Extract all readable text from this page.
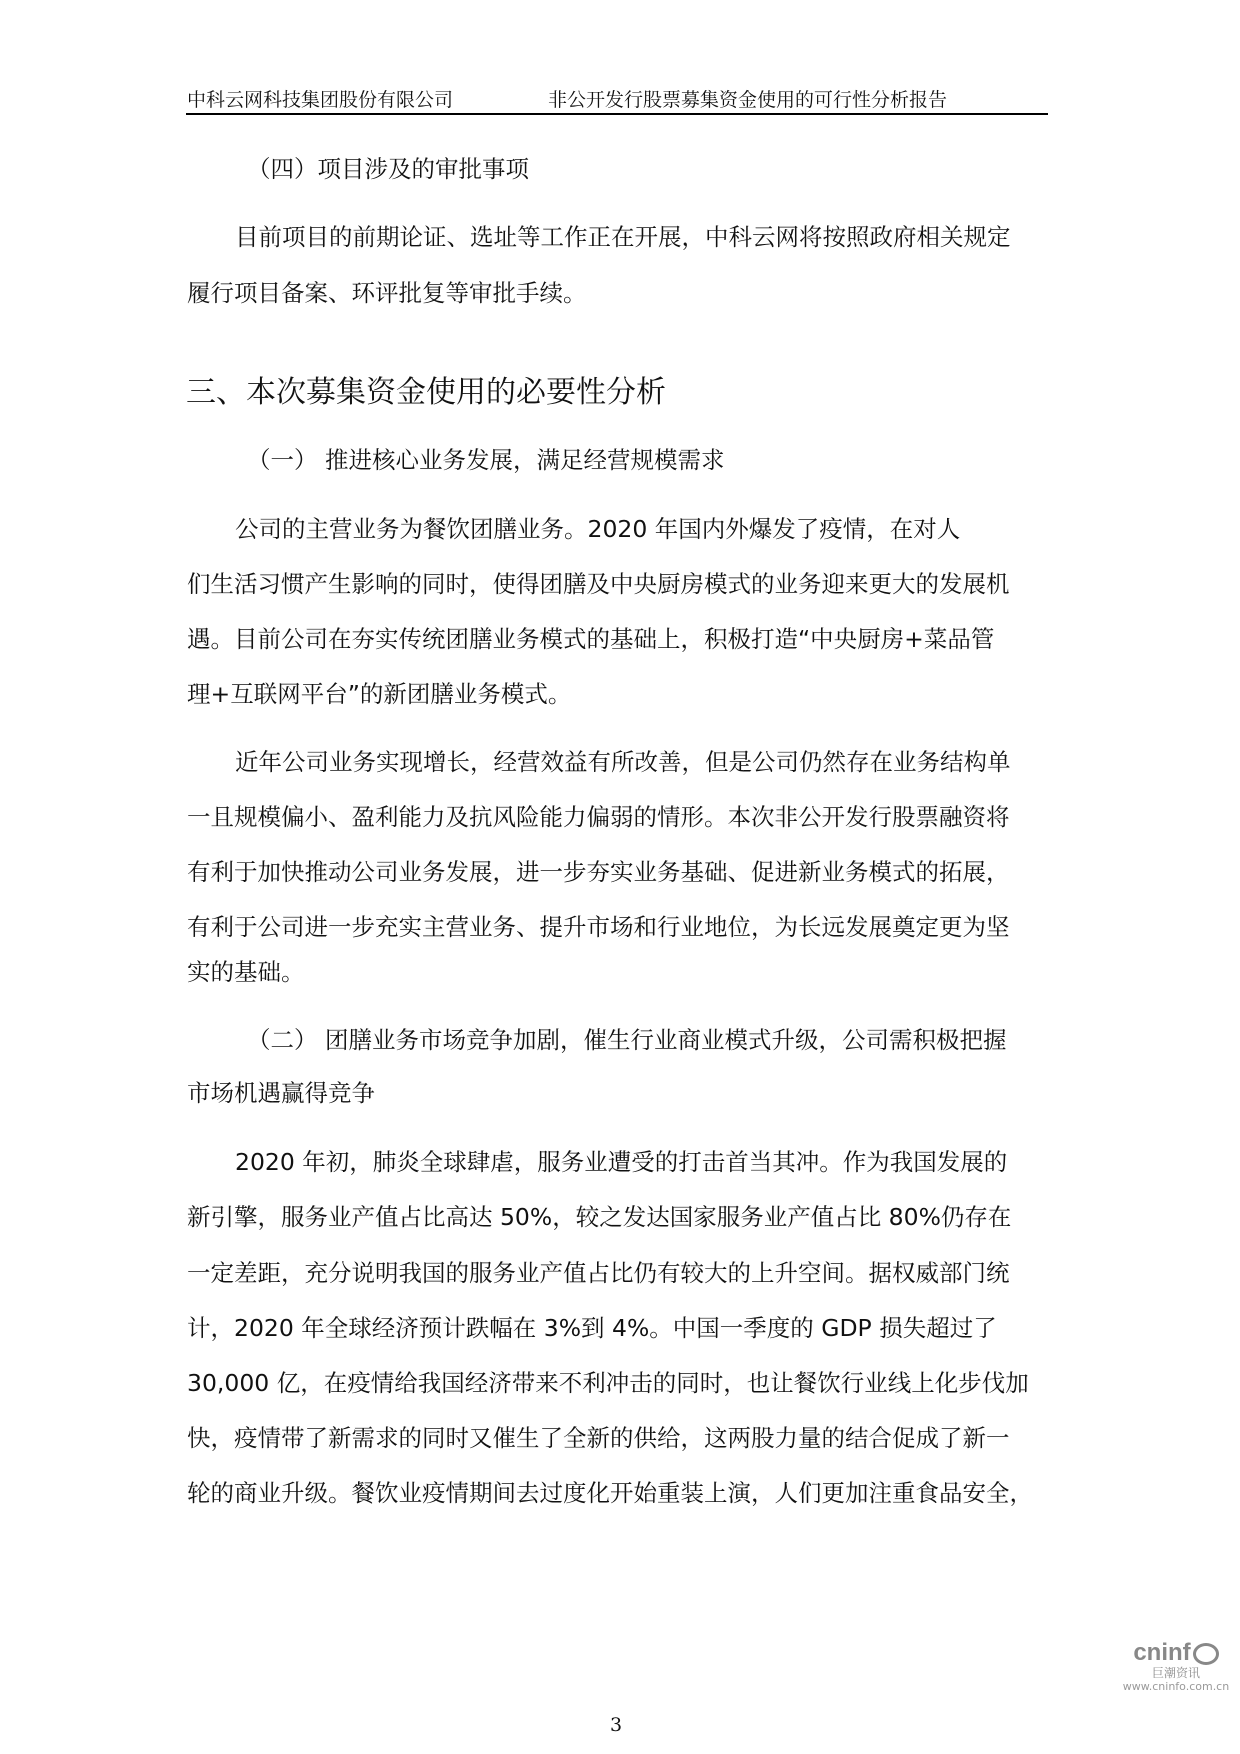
中科云网科技集团股份有限公司	非公开发行股票募集资金使用的可行性分析报告
（四）项目涉及的审批事项
目前项目的前期论证、选址等工作正在开展，中科云网将按照政府相关规定
履行项目备案、环评批复等审批手续。
三、本次募集资金使用的必要性分析
（一） 推进核心业务发展，满足经营规模需求
公司的主营业务为餐饮团膳业务。2020 年国内外爆发了疫情，在对人
们生活习惯产生影响的同时，使得团膳及中央厨房模式的业务迎来更大的发展机
遇。目前公司在夯实传统团膳业务模式的基础上，积极打造“中央厨房+菜品管
理+互联网平台”的新团膳业务模式。
近年公司业务实现增长，经营效益有所改善，但是公司仍然存在业务结构单
一且规模偏小、盈利能力及抗风险能力偏弱的情形。本次非公开发行股票融资将
有利于加快推动公司业务发展，进一步夯实业务基础、促进新业务模式的拓展，
有利于公司进一步充实主营业务、提升市场和行业地位，为长远发展奠定更为坚
实的基础。
（二） 团膳业务市场竞争加剧，催生行业商业模式升级，公司需积极把握
市场机遇赢得竞争
2020 年初，肺炎全球肆虐，服务业遭受的打击首当其冲。作为我国发展的
新引擎，服务业产值占比高达 50%，较之发达国家服务业产值占比 80%仍存在
一定差距，充分说明我国的服务业产值占比仍有较大的上升空间。据权威部门统
计，2020 年全球经济预计跌幅在 3%到 4%。中国一季度的 GDP 损失超过了
30,000 亿，在疫情给我国经济带来不利冲击的同时，也让餐饮行业线上化步伐加
快，疫情带了新需求的同时又催生了全新的供给，这两股力量的结合促成了新一
轮的商业升级。餐饮业疫情期间去过度化开始重装上演，人们更加注重食品安全，
3
cninf
巨潮资讯
www.cninfo.com.cn
